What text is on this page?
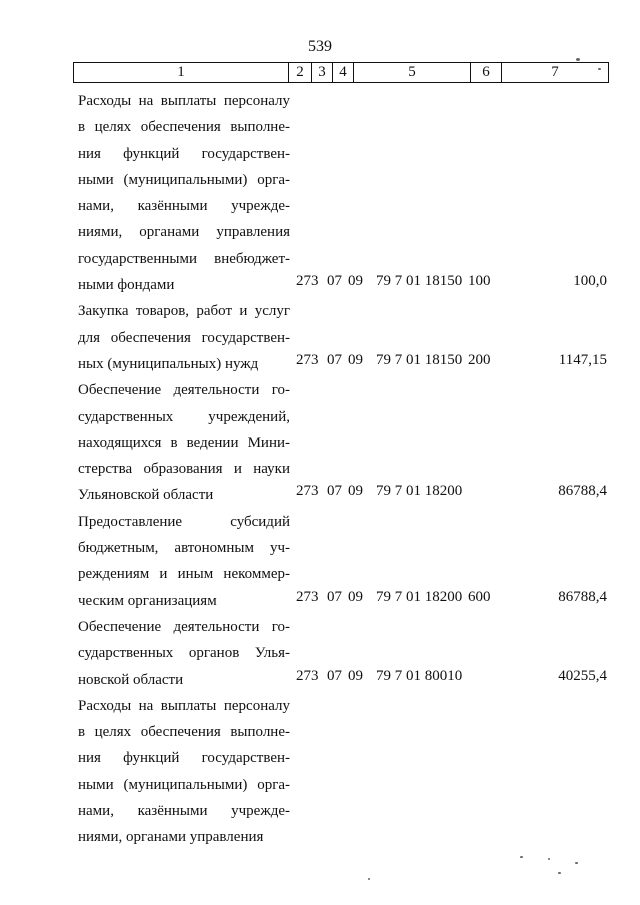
539
1	2	3	4	5	6	7
Расходы на выплаты персоналу
в целях обеспечения выполне-
ния функций государствен-
ными (муниципальными) орга-
нами, казёнными учрежде-
ниями, органами управления
государственными внебюджет-
ными фондами	273 07 09 79 7 01 18150 100	100,0
Закупка товаров, работ и услуг
для обеспечения государствен-
ных (муниципальных) нужд	273 07 09 79 7 01 18150 200	1147,15
Обеспечение деятельности го-
сударственных учреждений,
находящихся в ведении Мини-
стерства образования и науки
Ульяновской области	273 07 09 79 7 01 18200	86788,4
Предоставление субсидий
бюджетным, автономным уч-
реждениям и иным некоммер-
ческим организациям	273 07 09 79 7 01 18200 600	86788,4
Обеспечение деятельности го-
сударственных органов Улья-
новской области	273 07 09 79 7 01 80010	40255,4
Расходы на выплаты персоналу
в целях обеспечения выполне-
ния функций государствен-
ными (муниципальными) орга-
нами, казёнными учрежде-
ниями, органами управления
